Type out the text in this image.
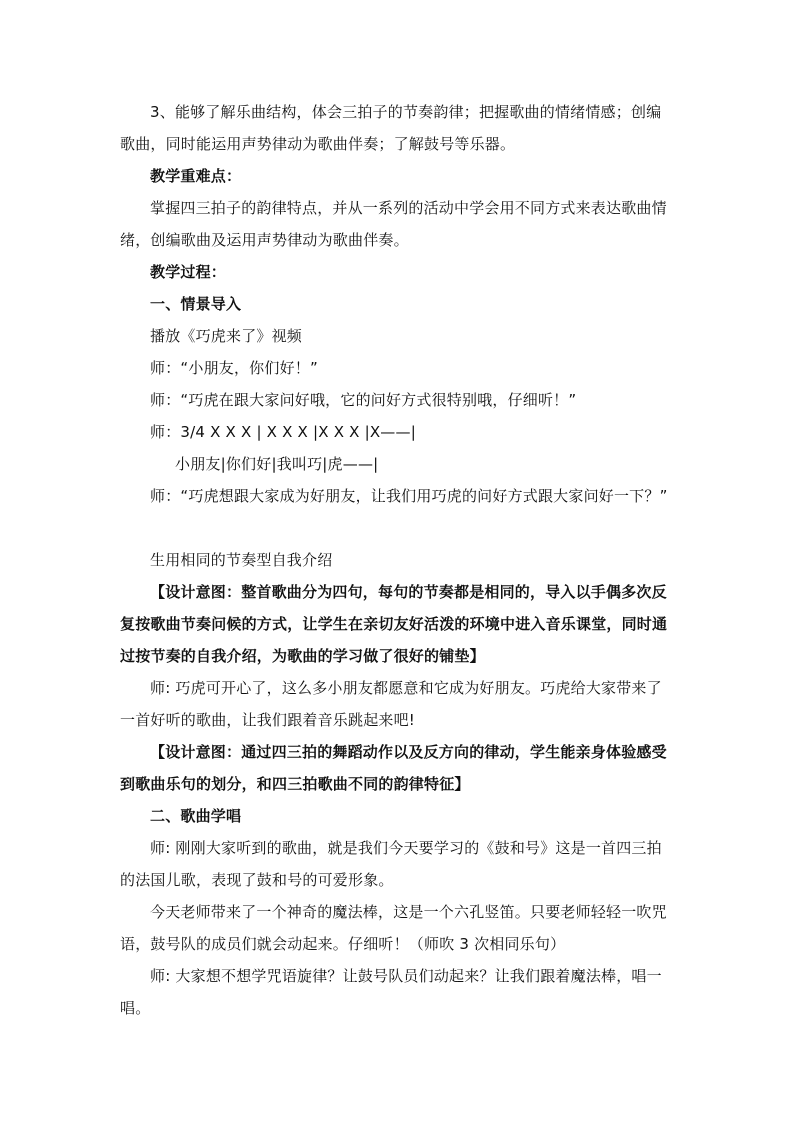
3、能够了解乐曲结构，体会三拍子的节奏韵律；把握歌曲的情绪情感；创编歌曲，同时能运用声势律动为歌曲伴奏；了解鼓号等乐器。
教学重难点：
掌握四三拍子的韵律特点，并从一系列的活动中学会用不同方式来表达歌曲情绪，创编歌曲及运用声势律动为歌曲伴奏。
教学过程：
一、情景导入
播放《巧虎来了》视频
师：“小朋友，你们好！”
师：“巧虎在跟大家问好哦，它的问好方式很特别哦，仔细听！”
师：3/4 X X X | X X X |X X X |X——|
小朋友|你们好|我叫巧|虎——|
师：“巧虎想跟大家成为好朋友，让我们用巧虎的问好方式跟大家问好一下？”
生用相同的节奏型自我介绍
【设计意图：整首歌曲分为四句，每句的节奏都是相同的，导入以手偶多次反复按歌曲节奏问候的方式，让学生在亲切友好活泼的环境中进入音乐课堂，同时通过按节奏的自我介绍，为歌曲的学习做了很好的铺垫】
师: 巧虎可开心了，这么多小朋友都愿意和它成为好朋友。巧虎给大家带来了一首好听的歌曲，让我们跟着音乐跳起来吧!
【设计意图：通过四三拍的舞蹈动作以及反方向的律动，学生能亲身体验感受到歌曲乐句的划分，和四三拍歌曲不同的韵律特征】
二、歌曲学唱
师: 刚刚大家听到的歌曲，就是我们今天要学习的《鼓和号》这是一首四三拍的法国儿歌，表现了鼓和号的可爱形象。
今天老师带来了一个神奇的魔法棒，这是一个六孔竖笛。只要老师轻轻一吹咒语，鼓号队的成员们就会动起来。仔细听！（师吹 3 次相同乐句）
师: 大家想不想学咒语旋律？让鼓号队员们动起来？让我们跟着魔法棒，唱一唱。
